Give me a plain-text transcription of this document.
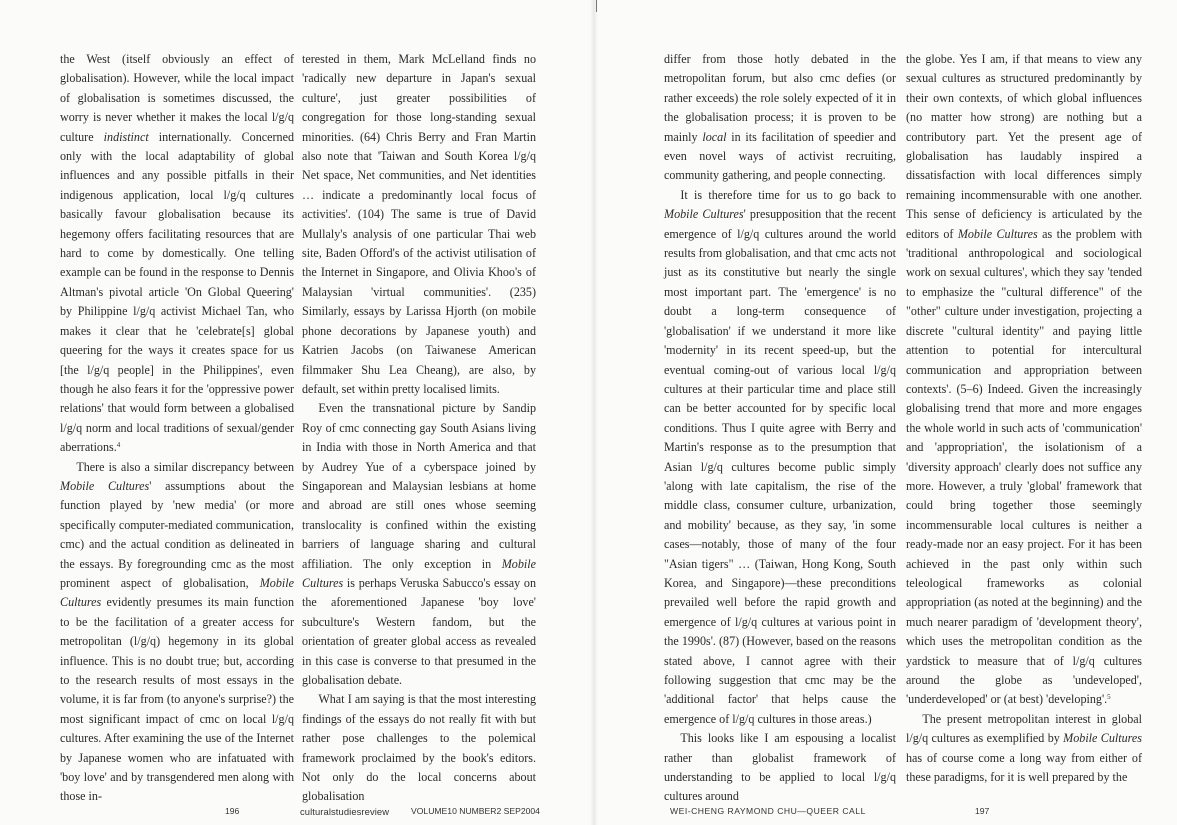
the West (itself obviously an effect of globalisation). However, while the local impact of globalisation is sometimes discussed, the worry is never whether it makes the local l/g/q culture indistinct internationally. Concerned only with the local adaptability of global influences and any possible pitfalls in their indigenous application, local l/g/q cultures basically favour globalisation because its hegemony offers facilitating resources that are hard to come by domestically. One telling example can be found in the response to Dennis Altman's pivotal article 'On Global Queering' by Philippine l/g/q activist Michael Tan, who makes it clear that he 'celebrate[s] global queering for the ways it creates space for us [the l/g/q people] in the Philippines', even though he also fears it for the 'oppressive power relations' that would form between a globalised l/g/q norm and local traditions of sexual/gender aberrations.$^4$

There is also a similar discrepancy between Mobile Cultures' assumptions about the function played by 'new media' (or more specifically computer-mediated communication, cmc) and the actual condition as delineated in the essays. By foregrounding cmc as the most prominent aspect of globalisation, Mobile Cultures evidently presumes its main function to be the facilitation of a greater access for metropolitan (l/g/q) hegemony in its global influence. This is no doubt true; but, according to the research results of most essays in the volume, it is far from (to anyone's surprise?) the most significant impact of cmc on local l/g/q cultures. After examining the use of the Internet by Japanese women who are infatuated with 'boy love' and by transgendered men along with those in-

terested in them, Mark McLelland finds no 'radically new departure in Japan's sexual culture', just greater possibilities of congregation for those long-standing sexual minorities. (64) Chris Berry and Fran Martin also note that 'Taiwan and South Korea l/g/q Net space, Net communities, and Net identities … indicate a predominantly local focus of activities'. (104) The same is true of David Mullaly's analysis of one particular Thai web site, Baden Offord's of the activist utilisation of the Internet in Singapore, and Olivia Khoo's of Malaysian 'virtual communities'. (235) Similarly, essays by Larissa Hjorth (on mobile phone decorations by Japanese youth) and Katrien Jacobs (on Taiwanese American filmmaker Shu Lea Cheang), are also, by default, set within pretty localised limits.

Even the transnational picture by Sandip Roy of cmc connecting gay South Asians living in India with those in North America and that by Audrey Yue of a cyberspace joined by Singaporean and Malaysian lesbians at home and abroad are still ones whose seeming translocality is confined within the existing barriers of language sharing and cultural affiliation. The only exception in Mobile Cultures is perhaps Veruska Sabucco's essay on the aforementioned Japanese 'boy love' subculture's Western fandom, but the orientation of greater global access as revealed in this case is converse to that presumed in the globalisation debate.

What I am saying is that the most interesting findings of the essays do not really fit with but rather pose challenges to the polemical framework proclaimed by the book's editors. Not only do the local concerns about globalisation

196	culturalstudiesreview	VOLUME10 NUMBER2 SEP2004

differ from those hotly debated in the metropolitan forum, but also cmc defies (or rather exceeds) the role solely expected of it in the globalisation process; it is proven to be mainly local in its facilitation of speedier and even novel ways of activist recruiting, community gathering, and people connecting.

It is therefore time for us to go back to Mobile Cultures' presupposition that the recent emergence of l/g/q cultures around the world results from globalisation, and that cmc acts not just as its constitutive but nearly the single most important part. The 'emergence' is no doubt a long-term consequence of 'globalisation' if we understand it more like 'modernity' in its recent speed-up, but the eventual coming-out of various local l/g/q cultures at their particular time and place still can be better accounted for by specific local conditions. Thus I quite agree with Berry and Martin's response as to the presumption that Asian l/g/q cultures become public simply 'along with late capitalism, the rise of the middle class, consumer culture, urbanization, and mobility' because, as they say, 'in some cases—notably, those of many of the four "Asian tigers" … (Taiwan, Hong Kong, South Korea, and Singapore)—these preconditions prevailed well before the rapid growth and emergence of l/g/q cultures at various point in the 1990s'. (87) (However, based on the reasons stated above, I cannot agree with their following suggestion that cmc may be the 'additional factor' that helps cause the emergence of l/g/q cultures in those areas.)

This looks like I am espousing a localist rather than globalist framework of understanding to be applied to local l/g/q cultures around

the globe. Yes I am, if that means to view any sexual cultures as structured predominantly by their own contexts, of which global influences (no matter how strong) are nothing but a contributory part. Yet the present age of globalisation has laudably inspired a dissatisfaction with local differences simply remaining incommensurable with one another. This sense of deficiency is articulated by the editors of Mobile Cultures as the problem with 'traditional anthropological and sociological work on sexual cultures', which they say 'tended to emphasize the "cultural difference" of the "other" culture under investigation, projecting a discrete "cultural identity" and paying little attention to potential for intercultural communication and appropriation between contexts'. (5–6) Indeed. Given the increasingly globalising trend that more and more engages the whole world in such acts of 'communication' and 'appropriation', the isolationism of a 'diversity approach' clearly does not suffice any more. However, a truly 'global' framework that could bring together those seemingly incommensurable local cultures is neither a ready-made nor an easy project. For it has been achieved in the past only within such teleological frameworks as colonial appropriation (as noted at the beginning) and the much nearer paradigm of 'development theory', which uses the metropolitan condition as the yardstick to measure that of l/g/q cultures around the globe as 'undeveloped', 'underdeveloped' or (at best) 'developing'.$^5$

The present metropolitan interest in global l/g/q cultures as exemplified by Mobile Cultures has of course come a long way from either of these paradigms, for it is well prepared by the

WEI-CHENG RAYMOND CHU—QUEER CALL	197
